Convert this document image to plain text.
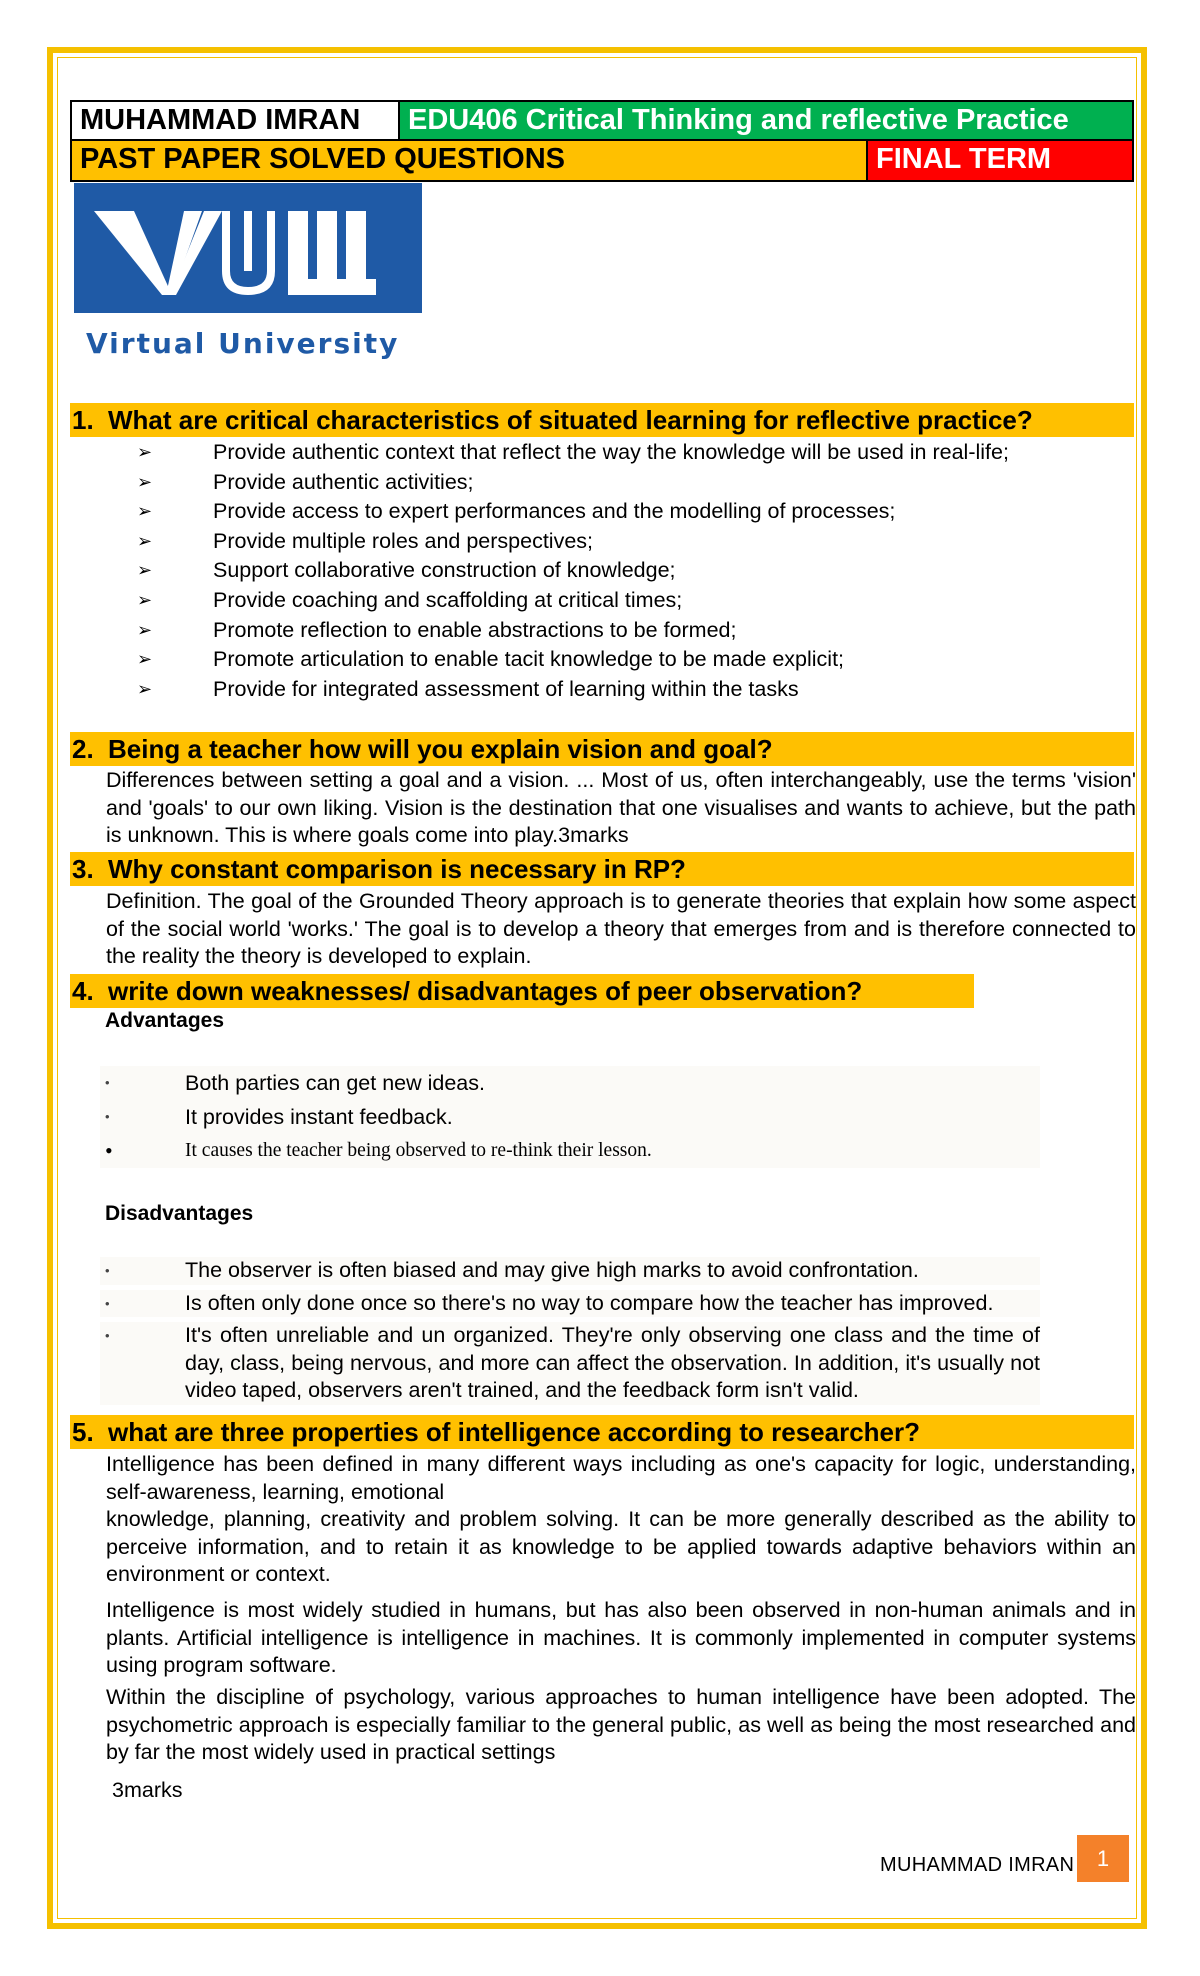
MUHAMMAD IMRAN	EDU406 Critical Thinking and reflective Practice
PAST PAPER SOLVED QUESTIONS	FINAL TERM
Virtual University
1. What are critical characteristics of situated learning for reflective practice?
➢	Provide authentic context that reflect the way the knowledge will be used in real-life;
➢	Provide authentic activities;
➢	Provide access to expert performances and the modelling of processes;
➢	Provide multiple roles and perspectives;
➢	Support collaborative construction of knowledge;
➢	Provide coaching and scaffolding at critical times;
➢	Promote reflection to enable abstractions to be formed;
➢	Promote articulation to enable tacit knowledge to be made explicit;
➢	Provide for integrated assessment of learning within the tasks
2. Being a teacher how will you explain vision and goal?

Differences between setting a goal and a vision. ... Most of us, often interchangeably, use the terms 'vision' and 'goals' to our own liking. Vision is the destination that one visualises and wants to achieve, but the path is unknown. This is where goals come into play.3marks

3. Why constant comparison is necessary in RP?

Definition. The goal of the Grounded Theory approach is to generate theories that explain how some aspect of the social world 'works.' The goal is to develop a theory that emerges from and is therefore connected to the reality the theory is developed to explain.

4. write down weaknesses/ disadvantages of peer observation?
Advantages
•	Both parties can get new ideas.
•	It provides instant feedback.
•	It causes the teacher being observed to re-think their lesson.
Disadvantages
•	The observer is often biased and may give high marks to avoid confrontation.
•	Is often only done once so there's no way to compare how the teacher has improved.
•	It's often unreliable and un organized. They're only observing one class and the time of day, class, being nervous, and more can affect the observation. In addition, it's usually not video taped, observers aren't trained, and the feedback form isn't valid.
5. what are three properties of intelligence according to researcher?

Intelligence has been defined in many different ways including as one's capacity for logic, understanding, self-awareness, learning, emotional

knowledge, planning, creativity and problem solving. It can be more generally described as the ability to perceive information, and to retain it as knowledge to be applied towards adaptive behaviors within an environment or context.

Intelligence is most widely studied in humans, but has also been observed in non-human animals and in plants. Artificial intelligence is intelligence in machines. It is commonly implemented in computer systems using program software.

Within the discipline of psychology, various approaches to human intelligence have been adopted. The psychometric approach is especially familiar to the general public, as well as being the most researched and by far the most widely used in practical settings

3marks
MUHAMMAD IMRAN	1
